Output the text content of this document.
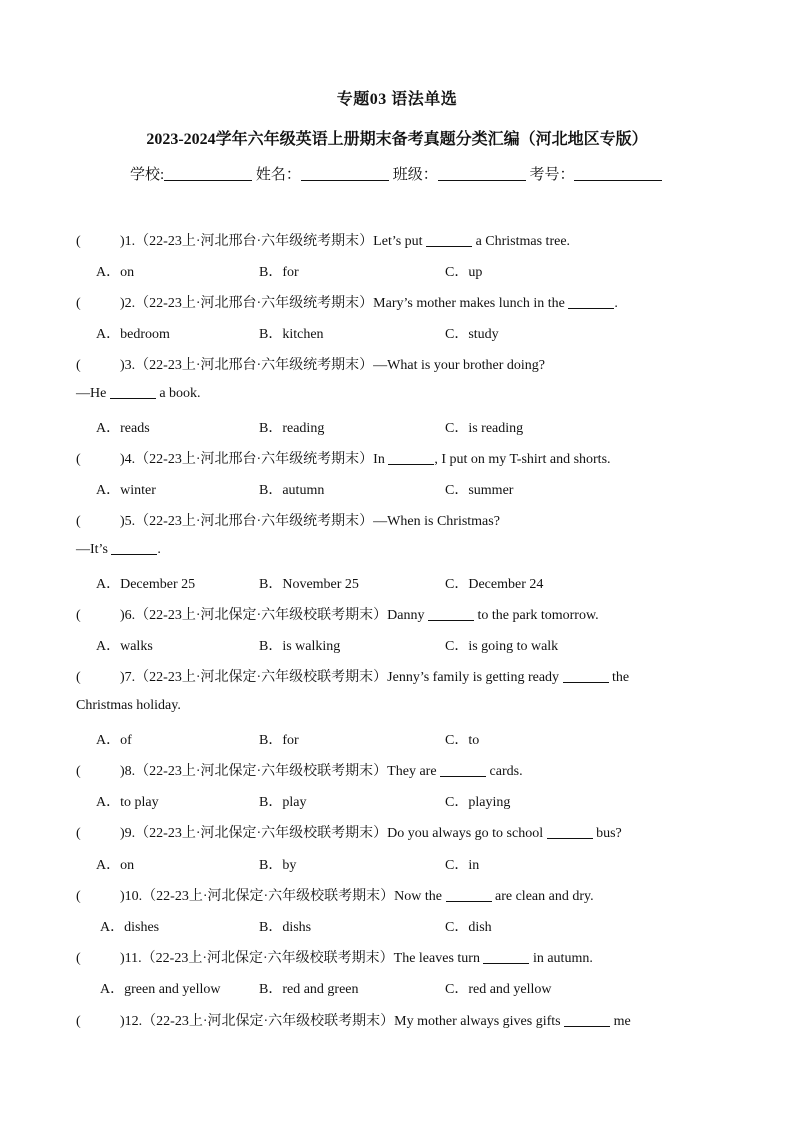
专题03 语法单选
2023-2024学年六年级英语上册期末备考真题分类汇编（河北地区专版）
学校:	姓名：	班级：	考号：
(	)1.（22-23上·河北邢台·六年级统考期末）Let’s put	a Christmas tree.
A．on	B．for	C．up
(	)2.（22-23上·河北邢台·六年级统考期末）Mary’s mother makes lunch in the	.
A．bedroom	B．kitchen	C．study
(	)3.（22-23上·河北邢台·六年级统考期末）—What is your brother doing?
—He	a book.
A．reads	B．reading	C．is reading
(	)4.（22-23上·河北邢台·六年级统考期末）In	, I put on my T-shirt and shorts.
A．winter	B．autumn	C．summer
(	)5.（22-23上·河北邢台·六年级统考期末）—When is Christmas?
—It’s	.
A．December 25	B．November 25	C．December 24
(	)6.（22-23上·河北保定·六年级校联考期末）Danny	to the park tomorrow.
A．walks	B．is walking	C．is going to walk
(	)7.（22-23上·河北保定·六年级校联考期末）Jenny’s family is getting ready	the
Christmas holiday.
A．of	B．for	C．to
(	)8.（22-23上·河北保定·六年级校联考期末）They are	cards.
A．to play	B．play	C．playing
(	)9.（22-23上·河北保定·六年级校联考期末）Do you always go to school	bus?
A．on	B．by	C．in
(	)10.（22-23上·河北保定·六年级校联考期末）Now the	are clean and dry.
A．dishes	B．dishs	C．dish
(	)11.（22-23上·河北保定·六年级校联考期末）The leaves turn	in autumn.
A．green and yellow	B．red and green	C．red and yellow
(	)12.（22-23上·河北保定·六年级校联考期末）My mother always gives gifts	me
